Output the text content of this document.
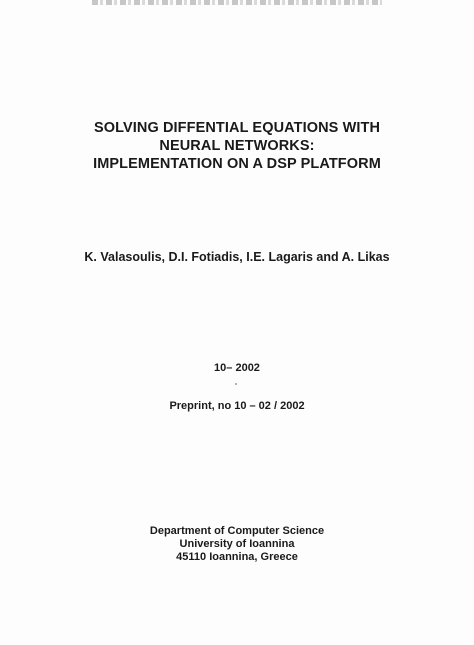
SOLVING DIFFENTIAL EQUATIONS WITH
NEURAL NETWORKS:
IMPLEMENTATION ON A DSP PLATFORM
K. Valasoulis, D.I. Fotiadis, I.E. Lagaris and A. Likas
10– 2002
Preprint, no 10 – 02 / 2002
Department of Computer Science
University of Ioannina
45110 Ioannina, Greece
